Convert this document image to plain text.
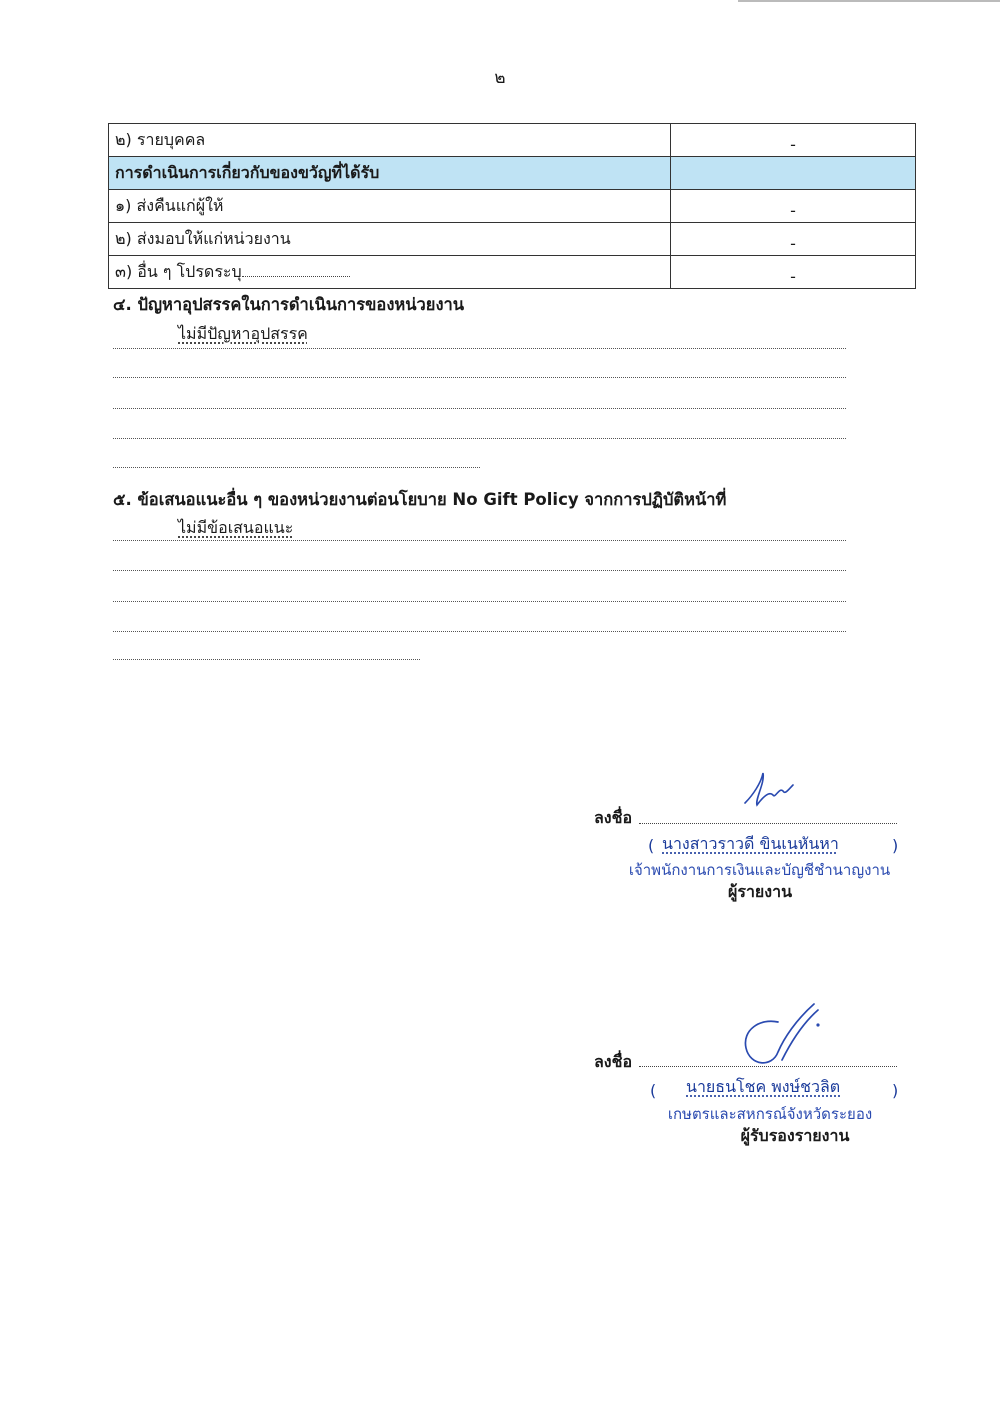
๒
๒) รายบุคคล	-
การดำเนินการเกี่ยวกับของขวัญที่ได้รับ	
๑) ส่งคืนแก่ผู้ให้	-
๒) ส่งมอบให้แก่หน่วยงาน	-
๓) อื่น ๆ โปรดระบุ	-
๔. ปัญหาอุปสรรคในการดำเนินการของหน่วยงาน
ไม่มีปัญหาอุปสรรค
๕. ข้อเสนอแนะอื่น ๆ ของหน่วยงานต่อนโยบาย No Gift Policy จากการปฏิบัติหน้าที่
ไม่มีข้อเสนอแนะ
ลงชื่อ
( นางสาวราวดี ขินเนหันหา	)
เจ้าพนักงานการเงินและบัญชีชำนาญงาน
ผู้รายงาน
ลงชื่อ
( นายธนโชค พงษ์ชวลิต	)
เกษตรและสหกรณ์จังหวัดระยอง
ผู้รับรองรายงาน
